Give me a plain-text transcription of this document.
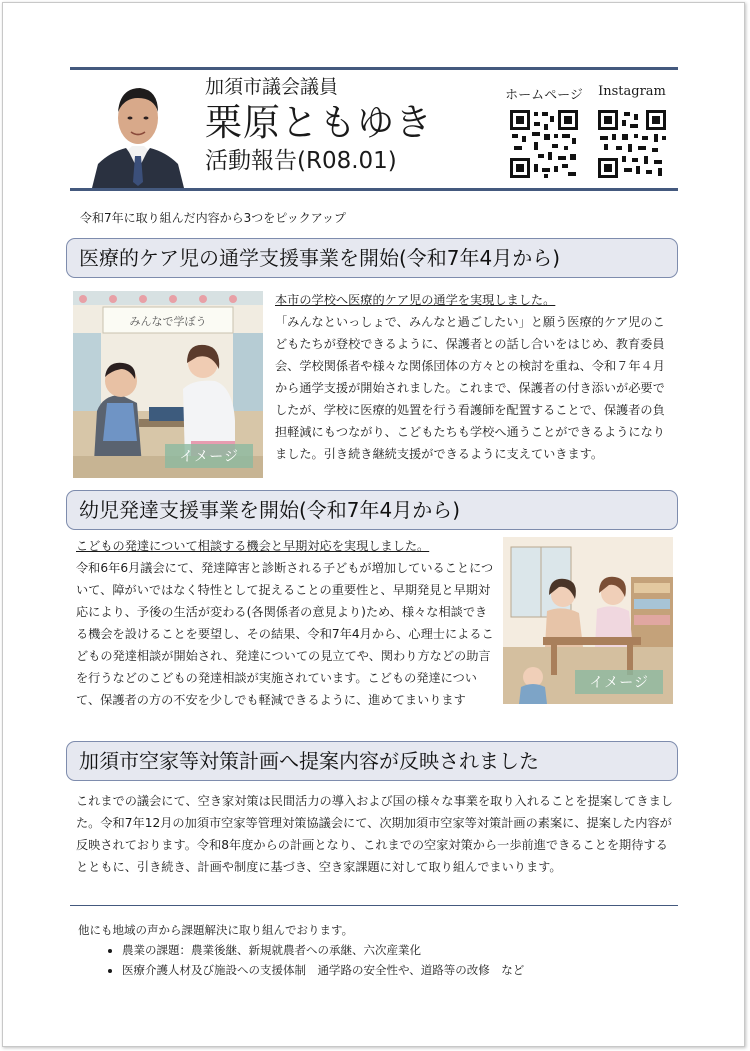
加須市議会議員
栗原ともゆき
活動報告(R08.01)
ホームページ	Instagram
令和7年に取り組んだ内容から3つをピックアップ
医療的ケア児の通学支援事業を開始(令和7年4月から)
みんなで学ぼう
イメージ

本市の学校へ医療的ケア児の通学を実現しました。

「みんなといっしょで、みんなと過ごしたい」と願う医療的ケア児のこどもたちが登校できるように、保護者との話し合いをはじめ、教育委員会、学校関係者や様々な関係団体の方々との検討を重ね、令和７年４月から通学支援が開始されました。これまで、保護者の付き添いが必要でしたが、学校に医療的処置を行う看護師を配置することで、保護者の負担軽減にもつながり、こどもたちも学校へ通うことができるようになりました。引き続き継続支援ができるように支えていきます。

幼児発達支援事業を開始(令和7年4月から)

こどもの発達について相談する機会と早期対応を実現しました。

令和6年6月議会にて、発達障害と診断される子どもが増加していることについて、障がいではなく特性として捉えることの重要性と、早期発見と早期対応により、予後の生活が変わる(各関係者の意見より)ため、様々な相談できる機会を設けることを要望し、その結果、令和7年4月から、心理士によるこどもの発達相談が開始され、発達についての見立てや、関わり方などの助言を行うなどのこどもの発達相談が実施されています。こどもの発達について、保護者の方の不安を少しでも軽減できるように、進めてまいります

イメージ
加須市空家等対策計画へ提案内容が反映されました

これまでの議会にて、空き家対策は民間活力の導入および国の様々な事業を取り入れることを提案してきました。令和7年12月の加須市空家等管理対策協議会にて、次期加須市空家等対策計画の素案に、提案した内容が反映されております。令和8年度からの計画となり、これまでの空家対策から一歩前進できることを期待するとともに、引き続き、計画や制度に基づき、空き家課題に対して取り組んでまいります。

他にも地域の声から課題解決に取り組んでおります。
• 農業の課題：農業後継、新規就農者への承継、六次産業化
• 医療介護人材及び施設への支援体制　通学路の安全性や、道路等の改修　など
